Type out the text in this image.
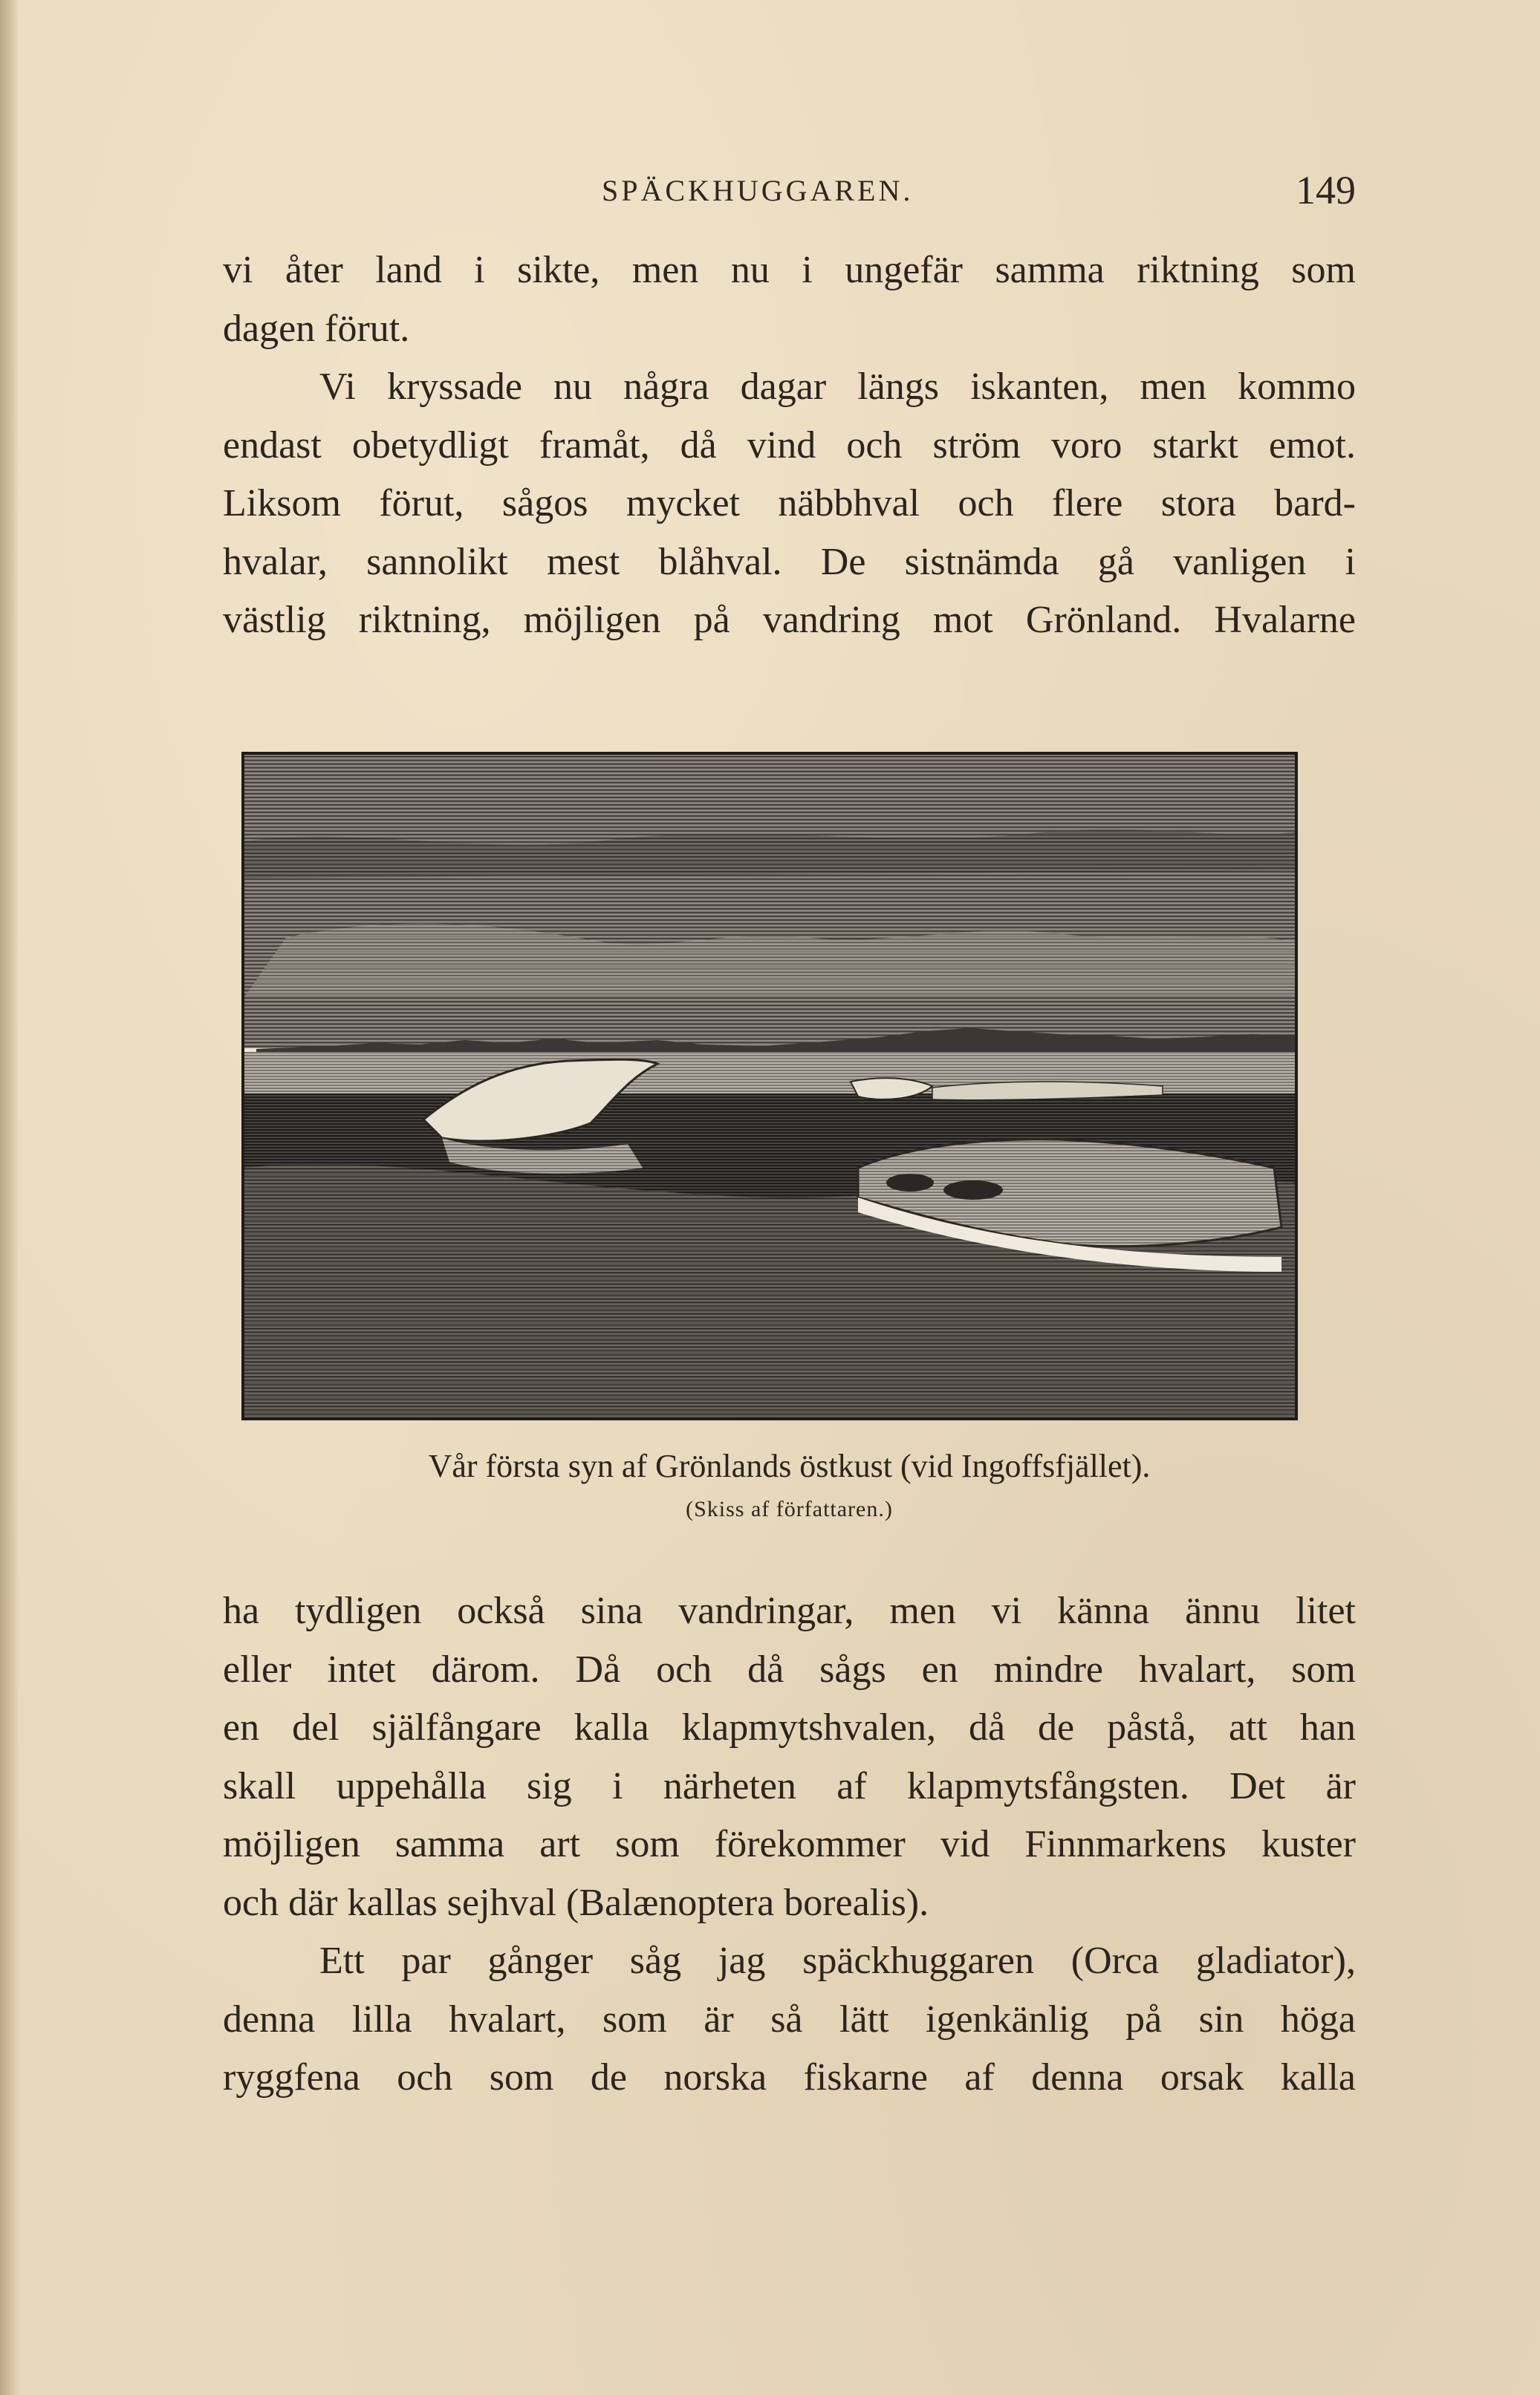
SPÄCKHUGGAREN.	149
vi åter land i sikte, men nu i ungefär samma riktning som
dagen förut.
Vi kryssade nu några dagar längs iskanten, men kommo
endast obetydligt framåt, då vind och ström voro starkt emot.
Liksom förut, sågos mycket näbbhval och flere stora bard-
hvalar, sannolikt mest blåhval. De sistnämda gå vanligen i
västlig riktning, möjligen på vandring mot Grönland. Hvalarne
Vår första syn af Grönlands östkust (vid Ingoffsfjället).
(Skiss af författaren.)
ha tydligen också sina vandringar, men vi känna ännu litet
eller intet därom. Då och då sågs en mindre hvalart, som
en del själfångare kalla klapmytshvalen, då de påstå, att han
skall uppehålla sig i närheten af klapmytsfångsten. Det är
möjligen samma art som förekommer vid Finnmarkens kuster
och där kallas sejhval (Balænoptera borealis).
Ett par gånger såg jag späckhuggaren (Orca gladiator),
denna lilla hvalart, som är så lätt igenkänlig på sin höga
ryggfena och som de norska fiskarne af denna orsak kalla
